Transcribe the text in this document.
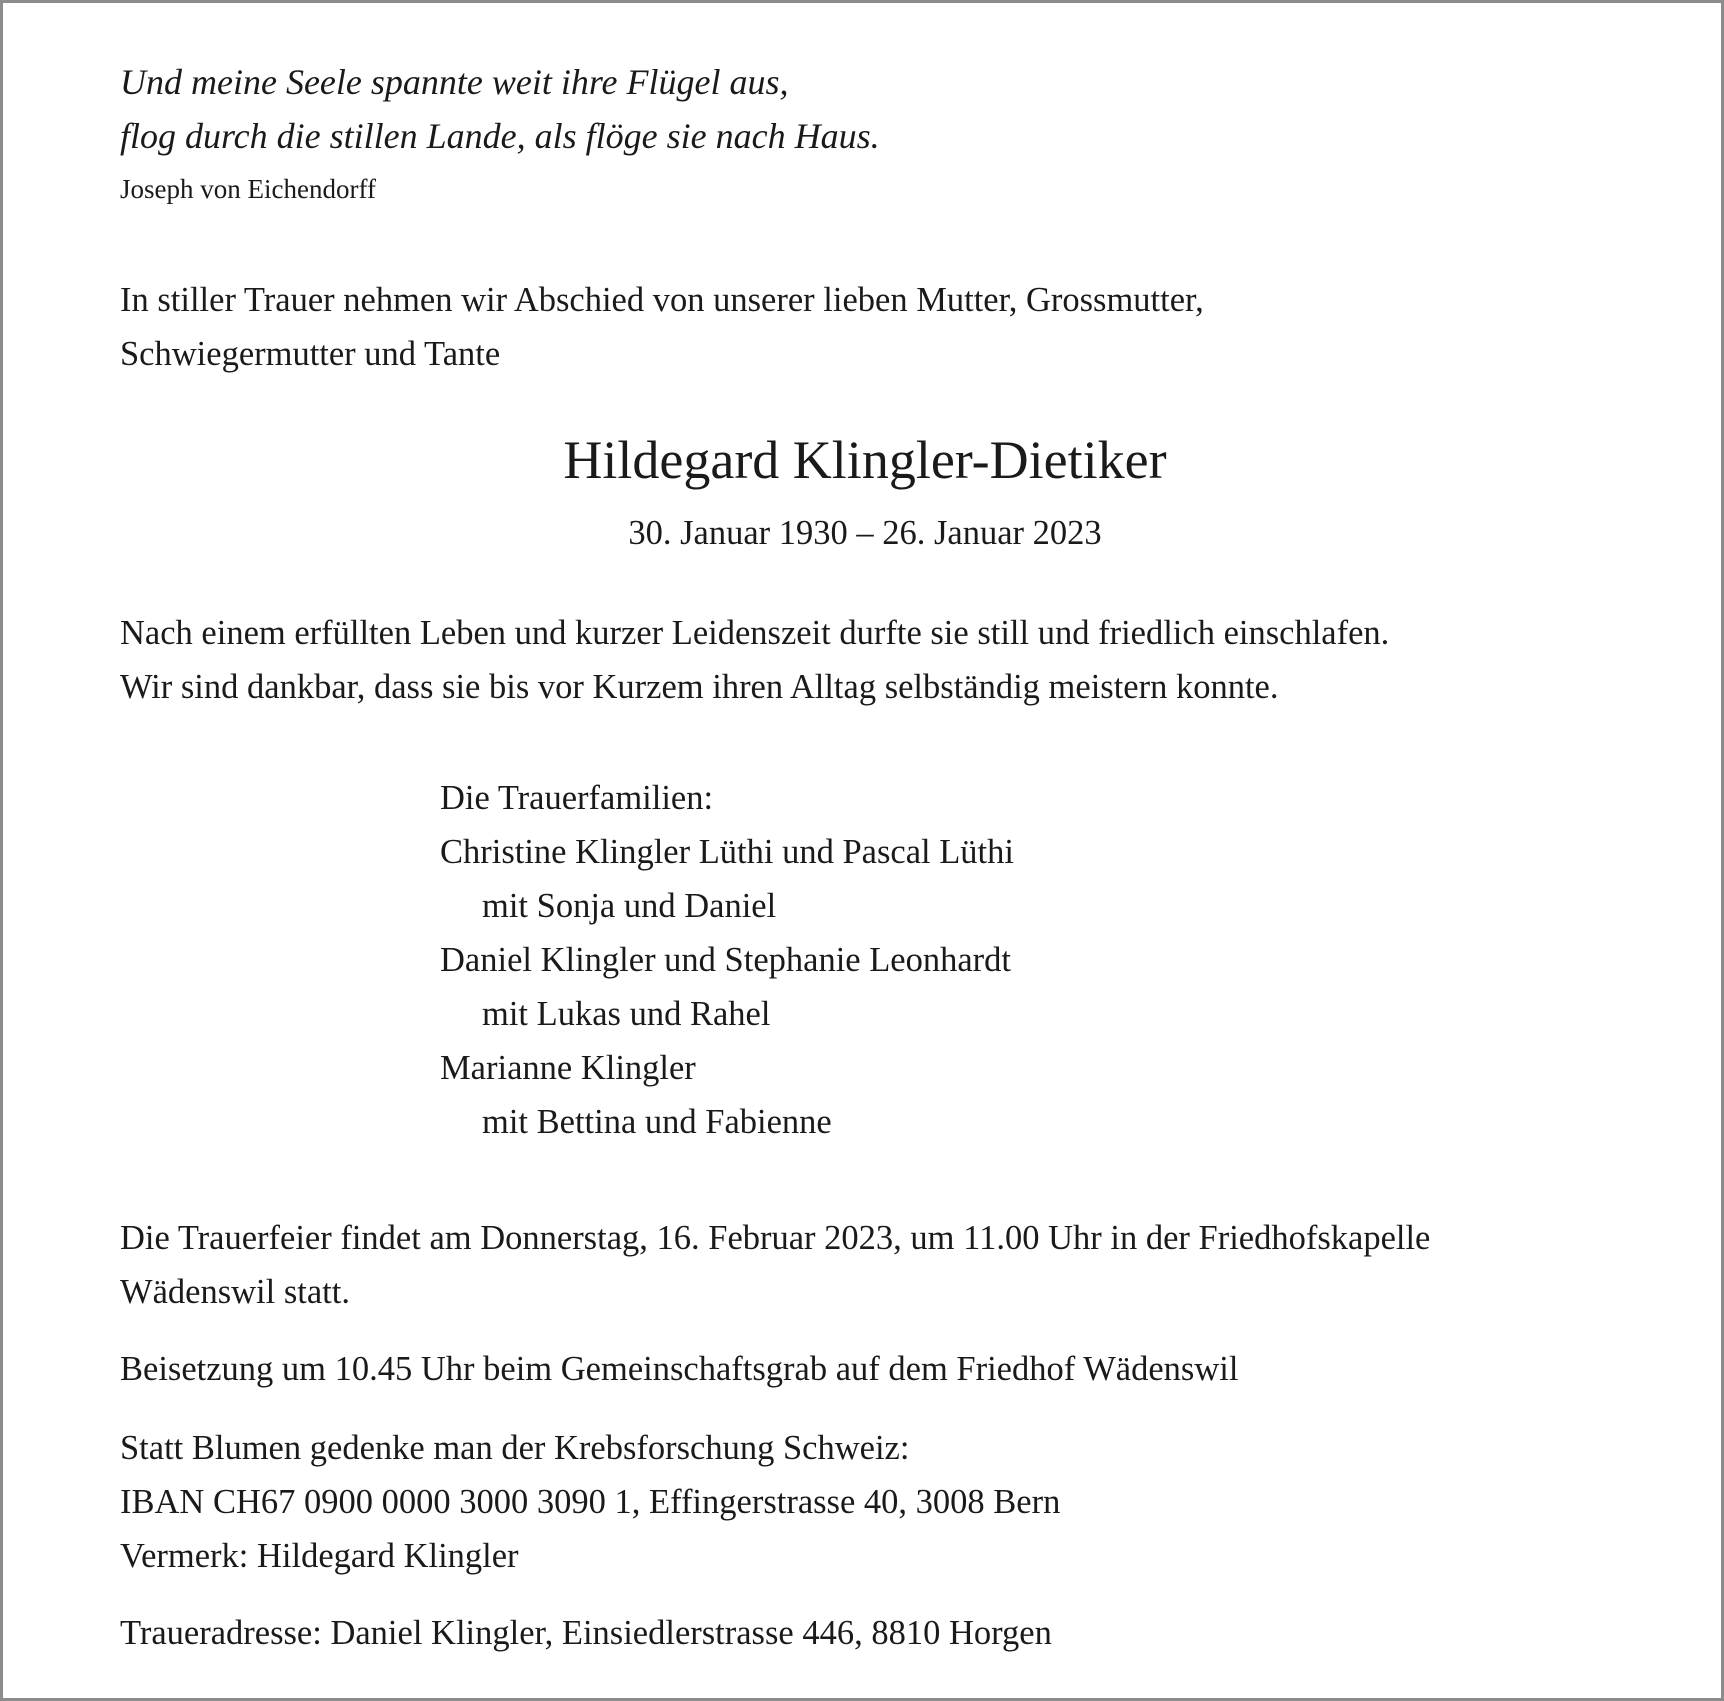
Und meine Seele spannte weit ihre Flügel aus,
flog durch die stillen Lande, als flöge sie nach Haus.
Joseph von Eichendorff
In stiller Trauer nehmen wir Abschied von unserer lieben Mutter, Grossmutter,
Schwiegermutter und Tante
Hildegard Klingler-Dietiker
30. Januar 1930 – 26. Januar 2023
Nach einem erfüllten Leben und kurzer Leidenszeit durfte sie still und friedlich einschlafen.
Wir sind dankbar, dass sie bis vor Kurzem ihren Alltag selbständig meistern konnte.
Die Trauerfamilien:
Christine Klingler Lüthi und Pascal Lüthi
mit Sonja und Daniel
Daniel Klingler und Stephanie Leonhardt
mit Lukas und Rahel
Marianne Klingler
mit Bettina und Fabienne
Die Trauerfeier findet am Donnerstag, 16. Februar 2023, um 11.00 Uhr in der Friedhofskapelle
Wädenswil statt.
Beisetzung um 10.45 Uhr beim Gemeinschaftsgrab auf dem Friedhof Wädenswil
Statt Blumen gedenke man der Krebsforschung Schweiz:
IBAN CH67 0900 0000 3000 3090 1, Effingerstrasse 40, 3008 Bern
Vermerk: Hildegard Klingler
Traueradresse: Daniel Klingler, Einsiedlerstrasse 446, 8810 Horgen
